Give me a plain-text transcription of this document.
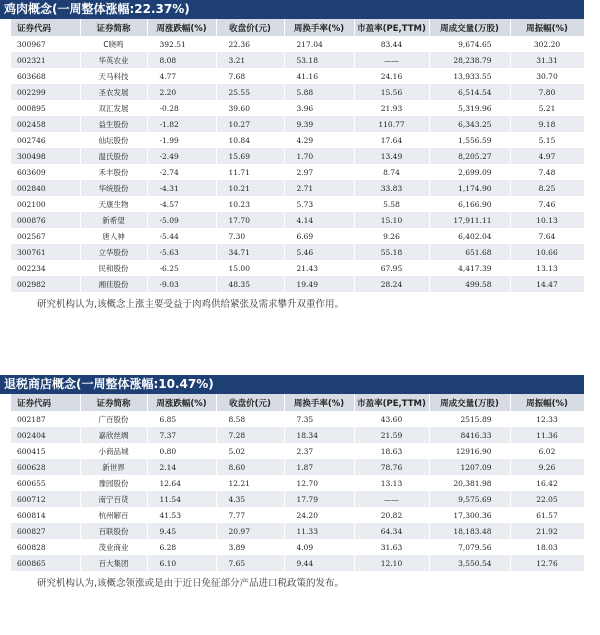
鸡肉概念(一周整体涨幅:22.37%)
证券代码	证券简称	周涨跌幅(%)	收盘价(元)	周换手率(%)	市盈率(PE,TTM)	周成交量(万股)	周振幅(%)
300967	C晓鸣	392.51	22.36	217.04	83.44	9,674.65	302.20
002321	华英农业	8.08	3.21	53.18	——	28,238.79	31.31
603668	天马科技	4.77	7.68	41.16	24.16	13,933.55	30.70
002299	圣农发展	2.20	25.55	5.88	15.56	6,514.54	7.80
000895	双汇发展	-0.28	39.60	3.96	21.93	5,319.96	5.21
002458	益生股份	-1.82	10.27	9.39	110.77	6,343.25	9.18
002746	仙坛股份	-1.99	10.84	4.29	17.64	1,556.59	5.15
300498	温氏股份	-2.49	15.69	1.70	13.49	8,205.27	4.97
603609	禾丰股份	-2.74	11.71	2.97	8.74	2,699.09	7.48
002840	华统股份	-4.31	10.21	2.71	33.83	1,174.90	8.25
002100	天康生物	-4.57	10.23	5.73	5.58	6,166.90	7.46
000876	新希望	-5.09	17.70	4.14	15.10	17,911.11	10.13
002567	唐人神	-5.44	7.30	6.69	9.26	6,402.04	7.64
300761	立华股份	-5.63	34.71	5.46	55.18	651.68	10.66
002234	民和股份	-6.25	15.00	21.43	67.95	4,417.39	13.13
002982	湘佳股份	-9.03	48.35	19.49	28.24	499.58	14.47
研究机构认为,该概念上涨主要受益于肉鸡供给紧张及需求攀升双重作用。
退税商店概念(一周整体涨幅:10.47%)
证券代码	证券简称	周涨跌幅(%)	收盘价(元)	周换手率(%)	市盈率(PE,TTM)	周成交量(万股)	周振幅(%)
002187	广百股份	6.85	8.58	7.35	43.60	2515.89	12.33
002404	嘉欣丝绸	7.37	7.28	18.34	21.59	8416.33	11.36
600415	小商品城	0.80	5.02	2.37	18.63	12916.90	6.02
600628	新世界	2.14	8.60	1.87	78.76	1207.09	9.26
600655	豫园股份	12.64	12.21	12.70	13.13	20,381.98	16.42
600712	南宁百货	11.54	4.35	17.79	——	9,575.69	22.05
600814	杭州解百	41.53	7.77	24.20	20.82	17,300.36	61.57
600827	百联股份	9.45	20.97	11.33	64.34	18,183.48	21.92
600828	茂业商业	6.28	3.89	4.09	31.63	7,079.56	18.03
600865	百大集团	6.10	7.65	9.44	12.10	3,550.54	12.76
研究机构认为,该概念领涨或是由于近日免征部分产品进口税政策的发布。
